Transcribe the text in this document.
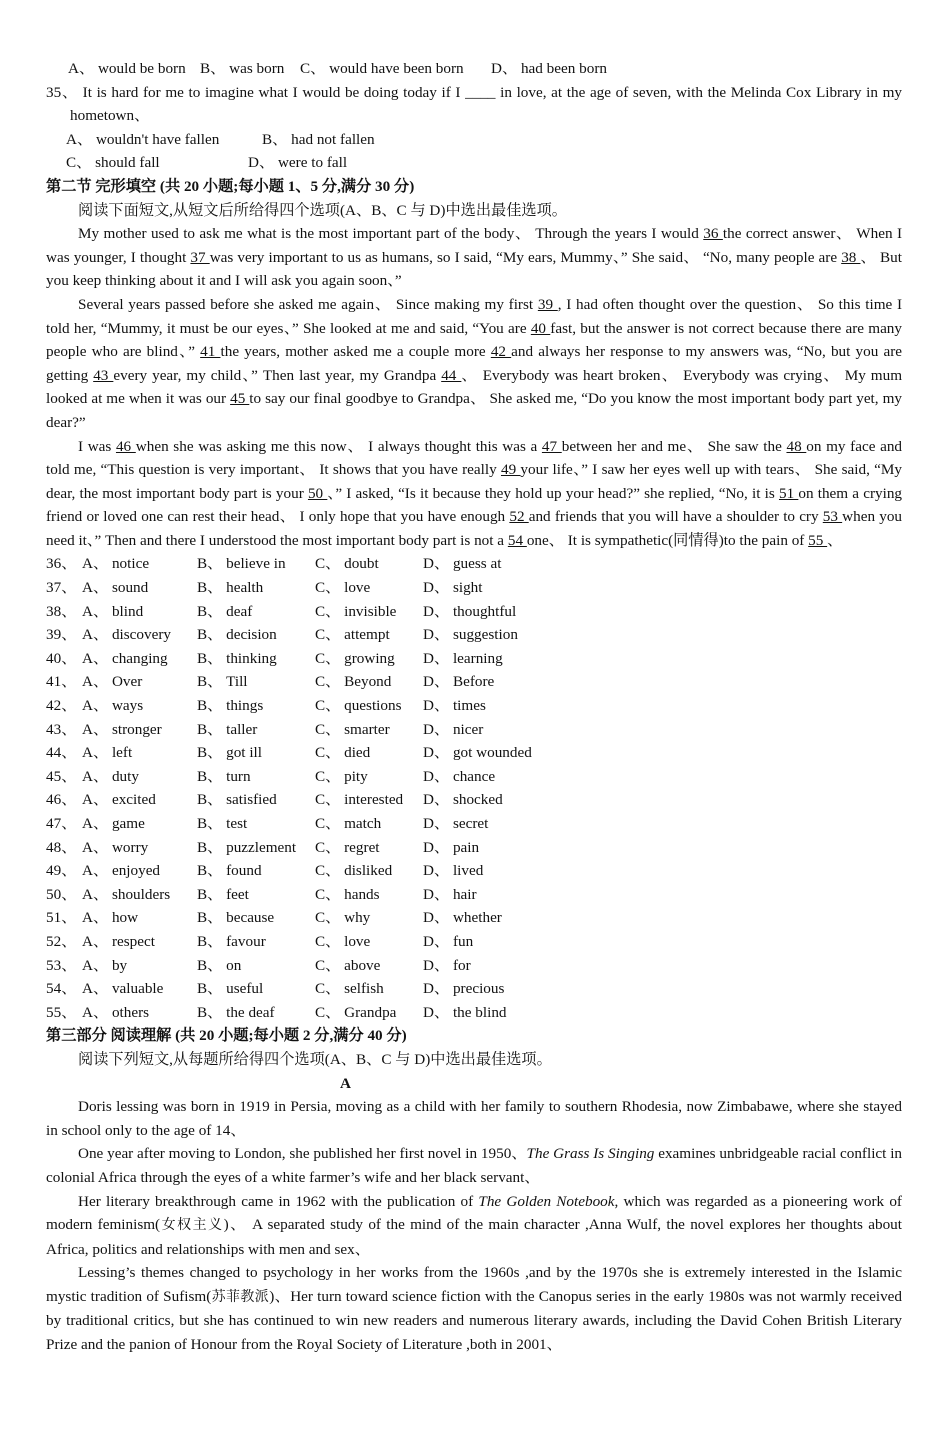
A、 would be born B、 was born	C、 would have been born	D、 had been born
35、 It is hard for me to imagine what I would be doing today if I ____ in love, at the age of seven, with the Melinda Cox Library in my hometown、
A、 wouldn't have fallen	B、 had not fallen
C、 should fall	D、 were to fall
第二节 完形填空 (共 20 小题;每小题 1、5 分,满分 30 分)
阅读下面短文,从短文后所给得四个选项(A、B、C 与 D)中选出最佳选项。
My mother used to ask me what is the most important part of the body、 Through the years I would 36 the correct answer、 When I was younger, I thought 37 was very important to us as humans, so I said, “My ears, Mummy、” She said、 “No, many people are 38 、 But you keep thinking about it and I will ask you again soon、”
Several years passed before she asked me again、 Since making my first 39 , I had often thought over the question、 So this time I told her, “Mummy, it must be our eyes、” She looked at me and said, “You are 40 fast, but the answer is not correct because there are many people who are blind、” 41 the years, mother asked me a couple more 42 and always her response to my answers was, “No, but you are getting 43 every year, my child、” Then last year, my Grandpa 44 、 Everybody was heart broken、 Everybody was crying、 My mum looked at me when it was our 45 to say our final goodbye to Grandpa、 She asked me, “Do you know the most important body part yet, my dear?”
I was 46 when she was asking me this now、 I always thought this was a 47 between her and me、 She saw the 48 on my face and told me, “This question is very important、 It shows that you have really 49 your life、” I saw her eyes well up with tears、 She said, “My dear, the most important body part is your 50 、” I asked, “Is it because they hold up your head?” she replied, “No, it is 51 on them a crying friend or loved one can rest their head、 I only hope that you have enough 52 and friends that you will have a shoulder to cry 53 when you need it、” Then and there I understood the most important body part is not a 54 one、 It is sympathetic(同情得)to the pain of 55 、
36、 A、 notice	B、 believe in	C、 doubt	D、 guess at
37、 A、 sound	B、 health	C、 love	D、 sight
38、 A、 blind	B、 deaf	C、 invisible	D、 thoughtful
39、 A、 discovery	B、 decision	C、 attempt	D、 suggestion
40、 A、 changing	B、 thinking	C、 growing	D、 learning
41、 A、 Over	B、 Till	C、 Beyond	D、 Before
42、 A、 ways	B、 things	C、 questions	D、 times
43、 A、 stronger	B、 taller	C、 smarter	D、 nicer
44、 A、 left	B、 got ill	C、 died	D、 got wounded
45、 A、 duty	B、 turn	C、 pity	D、 chance
46、 A、 excited	B、 satisfied	C、 interested	D、 shocked
47、 A、 game	B、 test	C、 match	D、 secret
48、 A、 worry	B、 puzzlement	C、 regret	D、 pain
49、 A、 enjoyed	B、 found	C、 disliked	D、 lived
50、 A、 shoulders	B、 feet	C、 hands	D、 hair
51、 A、 how	B、 because	C、 why	D、 whether
52、 A、 respect	B、 favour	C、 love	D、 fun
53、 A、 by	B、 on	C、 above	D、 for
54、 A、 valuable	B、 useful	C、 selfish	D、 precious
55、 A、 others	B、 the deaf	C、 Grandpa	D、 the blind
第三部分 阅读理解 (共 20 小题;每小题 2 分,满分 40 分)
阅读下列短文,从每题所给得四个选项(A、B、C 与 D)中选出最佳选项。
A
Doris lessing was born in 1919 in Persia, moving as a child with her family to southern Rhodesia, now Zimbabawe, where she stayed in school only to the age of 14、
One year after moving to London, she published her first novel in 1950、The Grass Is Singing examines unbridgeable racial conflict in colonial Africa through the eyes of a white farmer’s wife and her black servant、
Her literary breakthrough came in 1962 with the publication of The Golden Notebook, which was regarded as a pioneering work of modern feminism(女权主义)、 A separated study of the mind of the main character ,Anna Wulf, the novel explores her thoughts about Africa, politics and relationships with men and sex、
Lessing’s themes changed to psychology in her works from the 1960s ,and by the 1970s she is extremely interested in the Islamic mystic tradition of Sufism(苏菲教派)、Her turn toward science fiction with the Canopus series in the early 1980s was not warmly received by traditional critics, but she has continued to win new readers and numerous literary awards, including the David Cohen British Literary Prize and the panion of Honour from the Royal Society of Literature ,both in 2001、
